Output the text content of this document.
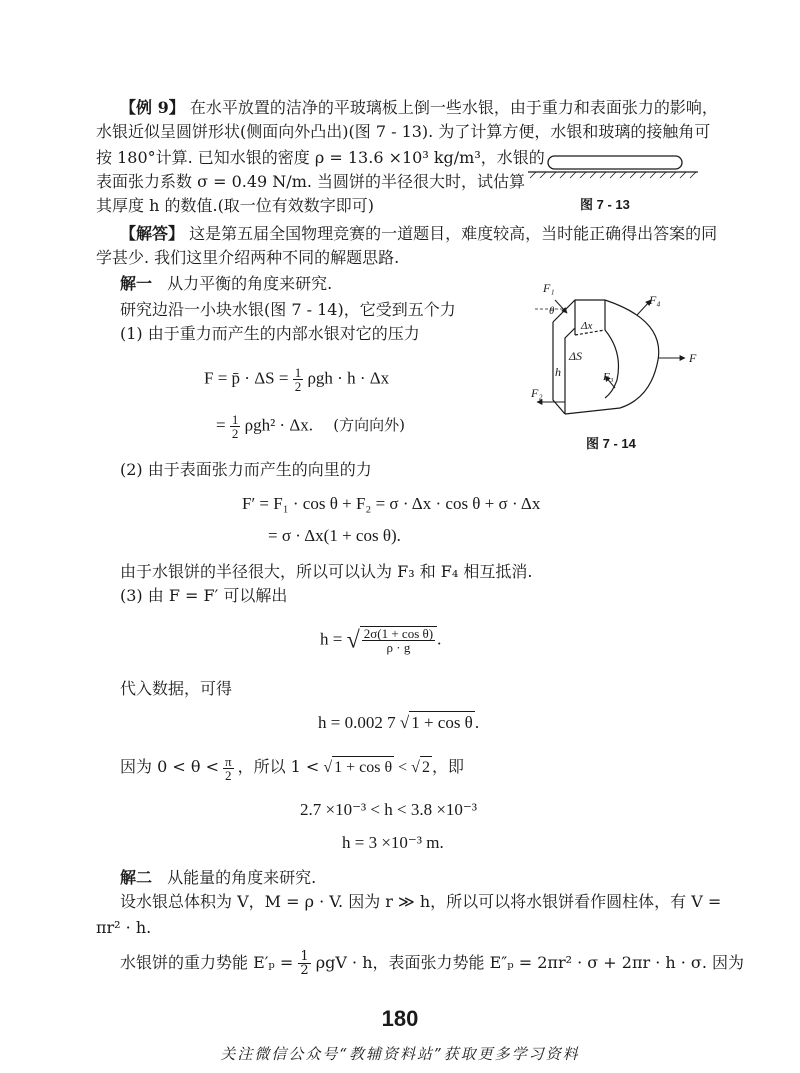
【例 9】 在水平放置的洁净的平玻璃板上倒一些水银，由于重力和表面张力的影响，
水银近似呈圆饼形状(侧面向外凸出)(图 7 - 13). 为了计算方便，水银和玻璃的接触角可
按 180°计算. 已知水银的密度 ρ = 13.6 ×10³ kg/m³，水银的
表面张力系数 σ = 0.49 N/m. 当圆饼的半径很大时，试估算
其厚度 h 的数值.(取一位有效数字即可)	图 7 - 13
【解答】 这是第五届全国物理竞赛的一道题目，难度较高，当时能正确得出答案的同
学甚少. 我们这里介绍两种不同的解题思路.
解一 从力平衡的角度来研究.
研究边沿一小块水银(图 7 - 14)，它受到五个力
(1) 由于重力而产生的内部水银对它的压力
F = p̄ · $\Delta S = \frac{1}{2}$ ρgh · h · Δx
= $\frac{1}{2} \rho gh^2 \cdot \Delta x$. (方向向外)
F₁
θ
Δx
ΔS
h
F₂
F₃
F₄
F
图 7 - 14
(2) 由于表面张力而产生的向里的力
F′ = F₁ · cos θ + F₂ = σ · Δx · cos θ + σ · Δx
= σ · Δx(1 + cos θ).
由于水银饼的半径很大，所以可以认为 F₃ 和 F₄ 相互抵消.
(3) 由 F = F′ 可以解出
h = √ $\frac{\text{2σ(1 + cos θ)}}{\rho \cdot g}$ .
代入数据，可得
h = 0.002 7 √ 1 + cos θ .
因为 $0 < \theta < \frac{\pi}{2}$ ，所以 1 < √ 1 + cos θ < √ 2 ，即
2.7 ×10⁻³ < h < 3.8 ×10⁻³
h = 3 ×10⁻³ m.
解二 从能量的角度来研究.
设水银总体积为 V，M = ρ · V. 因为 r ≫ h，所以可以将水银饼看作圆柱体，有 V =
πr² · h.
水银饼的重力势能 $E'_p = \frac{1}{2}$ ρgV · h，表面张力势能 E″ₚ = 2πr² · σ + 2πr · h · σ. 因为
180
关注微信公众号“教辅资料站”获取更多学习资料
